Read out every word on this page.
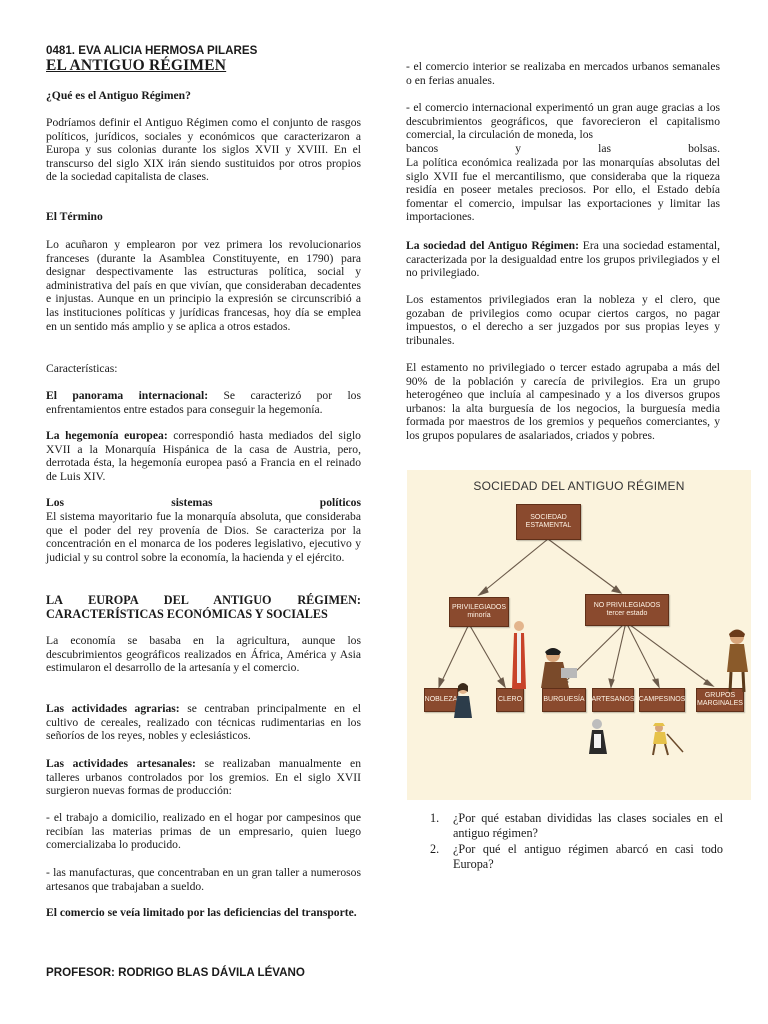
0481. EVA ALICIA HERMOSA PILARES
EL ANTIGUO RÉGIMEN
¿Qué es el Antiguo Régimen?

Podríamos definir el Antiguo Régimen como el conjunto de rasgos políticos, jurídicos, sociales y económicos que caracterizaron a Europa y sus colonias durante los siglos XVII y XVIII. En el transcurso del siglo XIX irán siendo sustituidos por otros propios de la sociedad capitalista de clases.

El Término

Lo acuñaron y emplearon por vez primera los revolucionarios franceses (durante la Asamblea Constituyente, en 1790) para designar despectivamente las estructuras política, social y administrativa del país en que vivían, que consideraban decadentes e injustas. Aunque en un principio la expresión se circunscribió a las instituciones políticas y jurídicas francesas, hoy día se emplea en un sentido más amplio y se aplica a otros estados.

Características:

El panorama internacional: Se caracterizó por los enfrentamientos entre estados para conseguir la hegemonía.

La hegemonía europea: correspondió hasta mediados del siglo XVII a la Monarquía Hispánica de la casa de Austria, pero, derrotada ésta, la hegemonía europea pasó a Francia en el reinado de Luis XIV.

Los	sistemas	políticos

El sistema mayoritario fue la monarquía absoluta, que consideraba que el poder del rey provenía de Dios. Se caracteriza por la concentración en el monarca de los poderes legislativo, ejecutivo y judicial y su control sobre la economía, la hacienda y el ejército.

LA EUROPA DEL ANTIGUO RÉGIMEN: CARACTERÍSTICAS ECONÓMICAS Y SOCIALES

La economía se basaba en la agricultura, aunque los descubrimientos geográficos realizados en África, América y Asia estimularon el desarrollo de la artesanía y el comercio.

Las actividades agrarias: se centraban principalmente en el cultivo de cereales, realizado con técnicas rudimentarias en los señoríos de los reyes, nobles y eclesiásticos.

Las actividades artesanales: se realizaban manualmente en talleres urbanos controlados por los gremios. En el siglo XVII surgieron nuevas formas de producción:

- el trabajo a domicilio, realizado en el hogar por campesinos que recibían las materias primas de un empresario, quien luego comercializaba lo producido.

- las manufacturas, que concentraban en un gran taller a numerosos artesanos que trabajaban a sueldo.

El comercio se veía limitado por las deficiencias del transporte.

- el comercio interior se realizaba en mercados urbanos semanales o en ferias anuales.

- el comercio internacional experimentó un gran auge gracias a los descubrimientos geográficos, que favorecieron el capitalismo comercial, la circulación de moneda, los

bancos	y	las	bolsas.

La política económica realizada por las monarquías absolutas del siglo XVII fue el mercantilismo, que consideraba que la riqueza residía en poseer metales preciosos. Por ello, el Estado debía fomentar el comercio, impulsar las exportaciones y limitar las importaciones.

La sociedad del Antiguo Régimen: Era una sociedad estamental, caracterizada por la desigualdad entre los grupos privilegiados y el no privilegiado.

Los estamentos privilegiados eran la nobleza y el clero, que gozaban de privilegios como ocupar ciertos cargos, no pagar impuestos, o el derecho a ser juzgados por sus propias leyes y tribunales.

El estamento no privilegiado o tercer estado agrupaba a más del 90% de la población y carecía de privilegios. Era un grupo heterogéneo que incluía al campesinado y a los diversos grupos urbanos: la alta burguesía de los negocios, la burguesía media formada por maestros de los gremios y pequeños comerciantes, y los grupos populares de asalariados, criados y pobres.

SOCIEDAD DEL ANTIGUO RÉGIMEN
SOCIEDAD
ESTAMENTAL
PRIVILEGIADOS
minoría
NO PRIVILEGIADOS
tercer estado
NOBLEZA	CLERO	BURGUESÍA ARTESANOS CAMPESINOS
GRUPOS
MARGINALES
1. ¿Por qué estaban divididas las clases sociales en el antiguo régimen?
2. ¿Por qué el antiguo régimen abarcó en casi todo Europa?
PROFESOR: RODRIGO BLAS DÁVILA LÉVANO
